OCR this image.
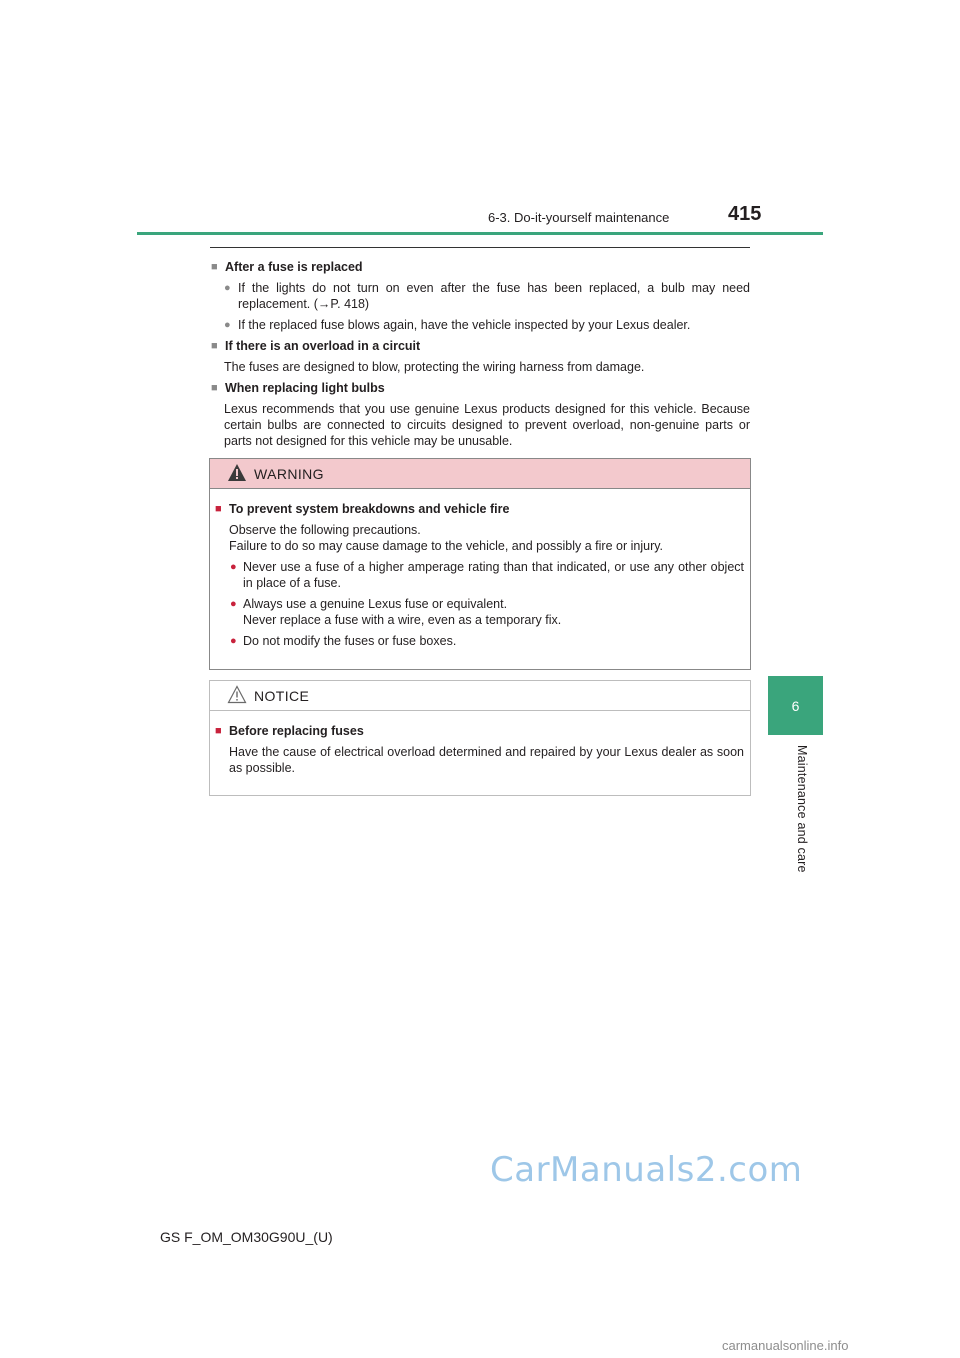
6-3. Do-it-yourself maintenance	415
6
Maintenance and care
■ After a fuse is replaced
● If the lights do not turn on even after the fuse has been replaced, a bulb may need replacement. (→P. 418)
● If the replaced fuse blows again, have the vehicle inspected by your Lexus dealer.
■ If there is an overload in a circuit
The fuses are designed to blow, protecting the wiring harness from damage.
■ When replacing light bulbs
Lexus recommends that you use genuine Lexus products designed for this vehicle. Because certain bulbs are connected to circuits designed to prevent overload, non-genuine parts or parts not designed for this vehicle may be unusable.
WARNING
■ To prevent system breakdowns and vehicle fire
Observe the following precautions.
Failure to do so may cause damage to the vehicle, and possibly a fire or injury.
● Never use a fuse of a higher amperage rating than that indicated, or use any other object in place of a fuse.
● Always use a genuine Lexus fuse or equivalent.
Never replace a fuse with a wire, even as a temporary fix.
● Do not modify the fuses or fuse boxes.
NOTICE
■ Before replacing fuses
Have the cause of electrical overload determined and repaired by your Lexus dealer as soon as possible.
GS F_OM_OM30G90U_(U)
CarManuals2.com
carmanualsonline.info
